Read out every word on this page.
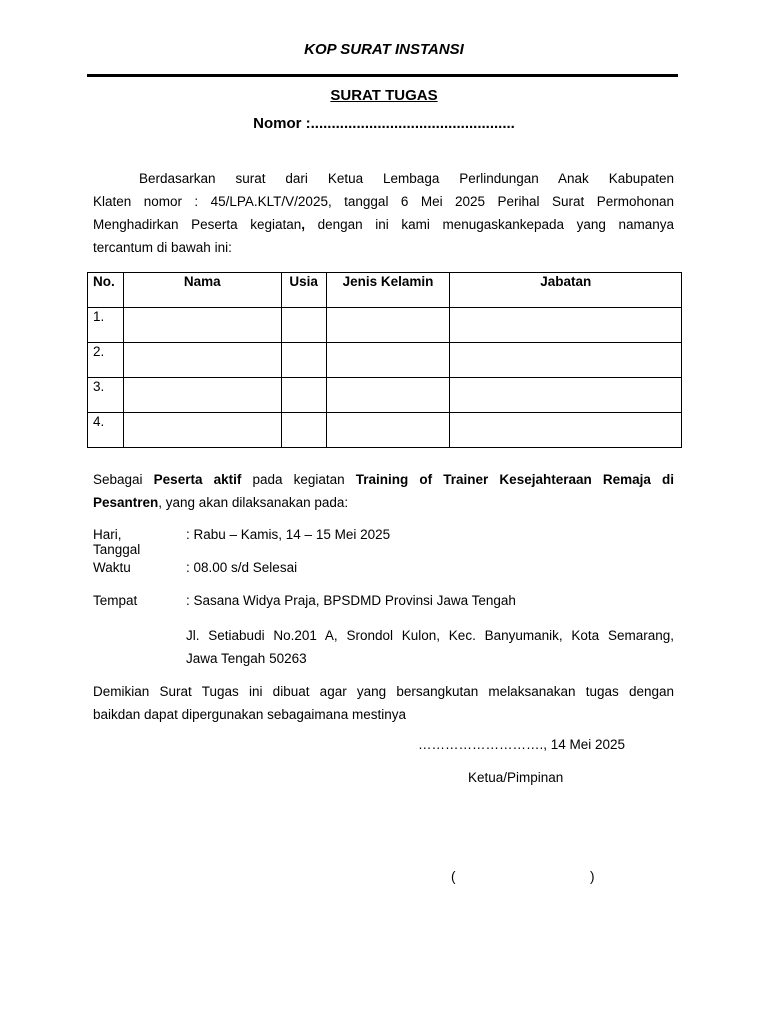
KOP SURAT INSTANSI
SURAT TUGAS
Nomor :.................................................
Berdasarkan surat dari Ketua Lembaga Perlindungan Anak Kabupaten
Klaten nomor : 45/LPA.KLT/V/2025, tanggal 6 Mei 2025 Perihal Surat Permohonan
Menghadirkan Peserta kegiatan, dengan ini kami menugaskankepada yang namanya
tercantum di bawah ini:
No.	Nama	Usia	Jenis Kelamin	Jabatan
1.				
2.				
3.				
4.				
Sebagai Peserta aktif pada kegiatan Training of Trainer Kesejahteraan Remaja di
Pesantren, yang akan dilaksanakan pada:
Hari, Tanggal
: Rabu – Kamis, 14 – 15 Mei 2025
Waktu	: 08.00 s/d Selesai
Tempat	: Sasana Widya Praja, BPSDMD Provinsi Jawa Tengah
Jl. Setiabudi No.201 A, Srondol Kulon, Kec. Banyumanik, Kota Semarang,
Jawa Tengah 50263
Demikian Surat Tugas ini dibuat agar yang bersangkutan melaksanakan tugas dengan
baikdan dapat dipergunakan sebagaimana mestinya
………………………., 14 Mei 2025
Ketua/Pimpinan
(	)
